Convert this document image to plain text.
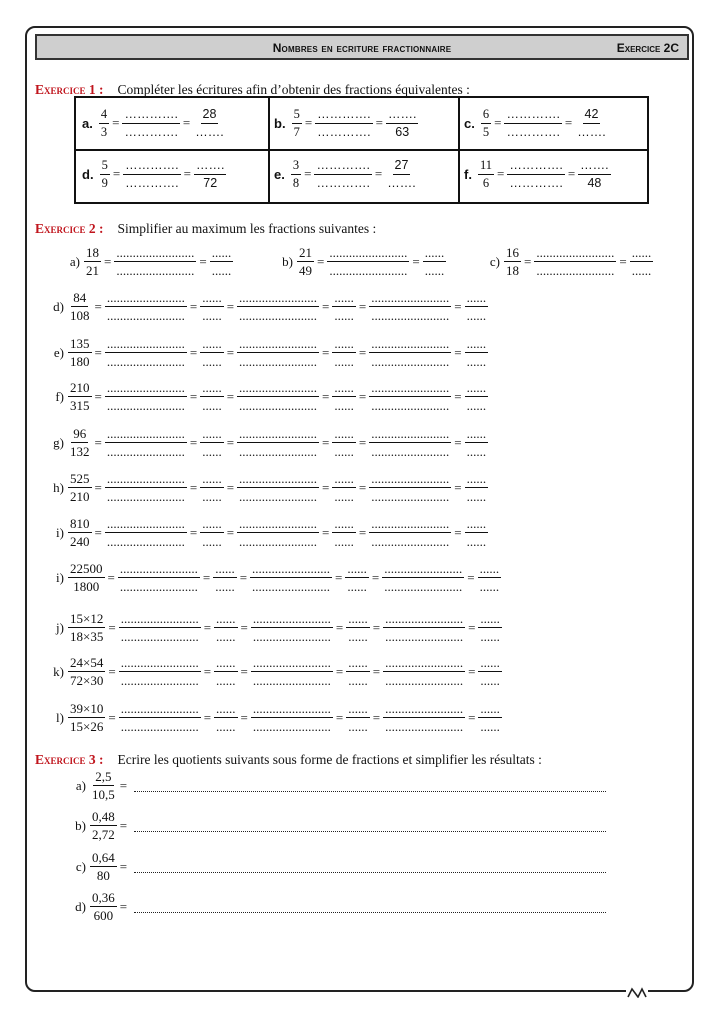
Nombres en ecriture fractionnaire	Exercice 2C
Exercice 1 : Compléter les écritures afin d’obtenir des fractions équivalentes :
a. $\frac{4}{3} = \frac{\dots\dots\dots\dots.}{\dots\dots\dots\dots.} = \frac{28}{\dots\dots.}$	b. $\frac{5}{7} = \frac{\dots\dots\dots\dots.}{\dots\dots\dots\dots.} = \frac{\dots\dots.}{63}$	c. $\frac{6}{5} = \frac{\dots\dots\dots\dots.}{\dots\dots\dots\dots.} = \frac{42}{\dots\dots.}$
d. $\frac{5}{9} = \frac{\dots\dots\dots\dots.}{\dots\dots\dots\dots.} = \frac{\dots\dots.}{72}$	e. $\frac{3}{8} = \frac{\dots\dots\dots\dots.}{\dots\dots\dots\dots.} = \frac{27}{\dots\dots.}$	f. $\frac{11}{6} = \frac{\dots\dots\dots\dots.}{\dots\dots\dots\dots.} = \frac{\dots\dots.}{48}$
Exercice 2 : Simplifier au maximum les fractions suivantes :
$a) \frac{18}{21} = \frac{........................}{........................} = \frac{......}{......}$	$b) \frac{21}{49} = \frac{........................}{........................} = \frac{......}{......}$	$c) \frac{16}{18} = \frac{........................}{........................} = \frac{......}{......}$
$d) \frac{84}{108} = \frac{........................}{........................} = \frac{......}{......} = \frac{........................}{........................} = \frac{......}{......} = \frac{........................}{........................} = \frac{......}{......}$
$e) \frac{135}{180} = \frac{........................}{........................} = \frac{......}{......} = \frac{........................}{........................} = \frac{......}{......} = \frac{........................}{........................} = \frac{......}{......}$
$f) \frac{210}{315} = \frac{........................}{........................} = \frac{......}{......} = \frac{........................}{........................} = \frac{......}{......} = \frac{........................}{........................} = \frac{......}{......}$
$g) \frac{96}{132} = \frac{........................}{........................} = \frac{......}{......} = \frac{........................}{........................} = \frac{......}{......} = \frac{........................}{........................} = \frac{......}{......}$
$h) \frac{525}{210} = \frac{........................}{........................} = \frac{......}{......} = \frac{........................}{........................} = \frac{......}{......} = \frac{........................}{........................} = \frac{......}{......}$
$i) \frac{810}{240} = \frac{........................}{........................} = \frac{......}{......} = \frac{........................}{........................} = \frac{......}{......} = \frac{........................}{........................} = \frac{......}{......}$
$i) \frac{22500}{1800} = \frac{........................}{........................} = \frac{......}{......} = \frac{........................}{........................} = \frac{......}{......} = \frac{........................}{........................} = \frac{......}{......}$
$j) \frac{15\times 12}{18\times 35} = \frac{........................}{........................} = \frac{......}{......} = \frac{........................}{........................} = \frac{......}{......} = \frac{........................}{........................} = \frac{......}{......}$
$k) \frac{24\times 54}{72\times 30} = \frac{........................}{........................} = \frac{......}{......} = \frac{........................}{........................} = \frac{......}{......} = \frac{........................}{........................} = \frac{......}{......}$
$l) \frac{39\times 10}{15\times 26} = \frac{........................}{........................} = \frac{......}{......} = \frac{........................}{........................} = \frac{......}{......} = \frac{........................}{........................} = \frac{......}{......}$
Exercice 3 : Ecrire les quotients suivants sous forme de fractions et simplifier les résultats :
$a) \frac{2,5}{10,5}$ =
$b) \frac{0,48}{2,72}$ =
$c) \frac{0,64}{80}$ =
$d) \frac{0,36}{600}$ =
